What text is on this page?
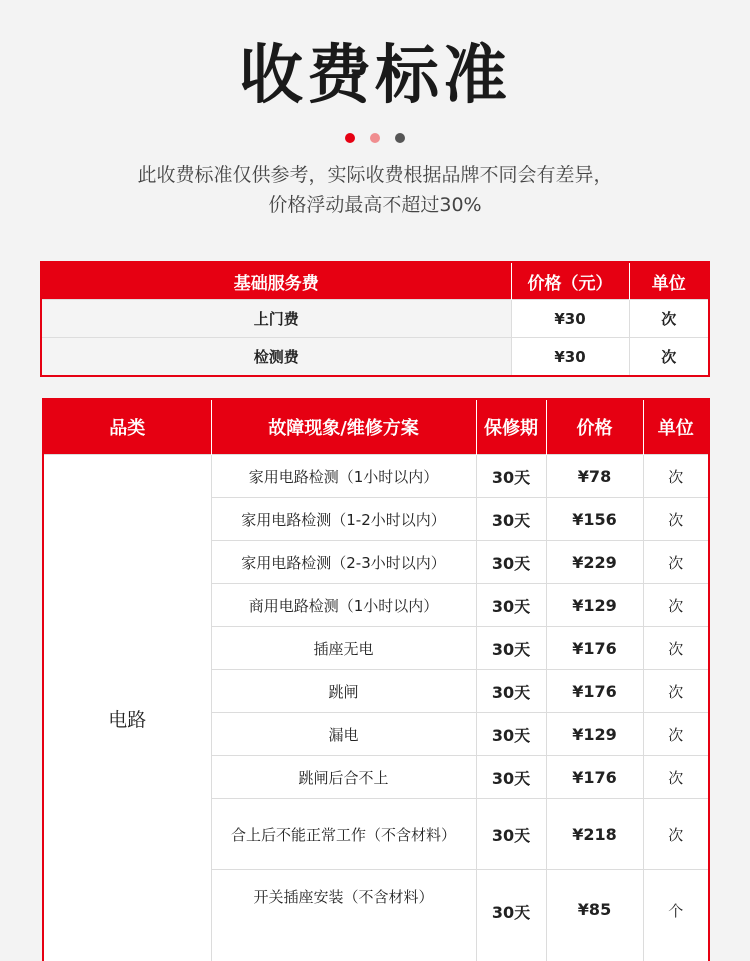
收费标准

此收费标准仅供参考，实际收费根据品牌不同会有差异，
价格浮动最高不超过30%
基础服务费	价格（元）	单位
上门费	¥30	次
检测费	¥30	次
品类	故障现象/维修方案	保修期	价格	单位
电路	家用电路检测（1小时以内）	30天	¥78	次
	家用电路检测（1-2小时以内）	30天	¥156	次
	家用电路检测（2-3小时以内）	30天	¥229	次
	商用电路检测（1小时以内）	30天	¥129	次
	插座无电	30天	¥176	次
	跳闸	30天	¥176	次
	漏电	30天	¥129	次
	跳闸后合不上	30天	¥176	次
	合上后不能正常工作（不含材料）	30天	¥218	次
	开关插座安装（不含材料）	30天	¥85	个
